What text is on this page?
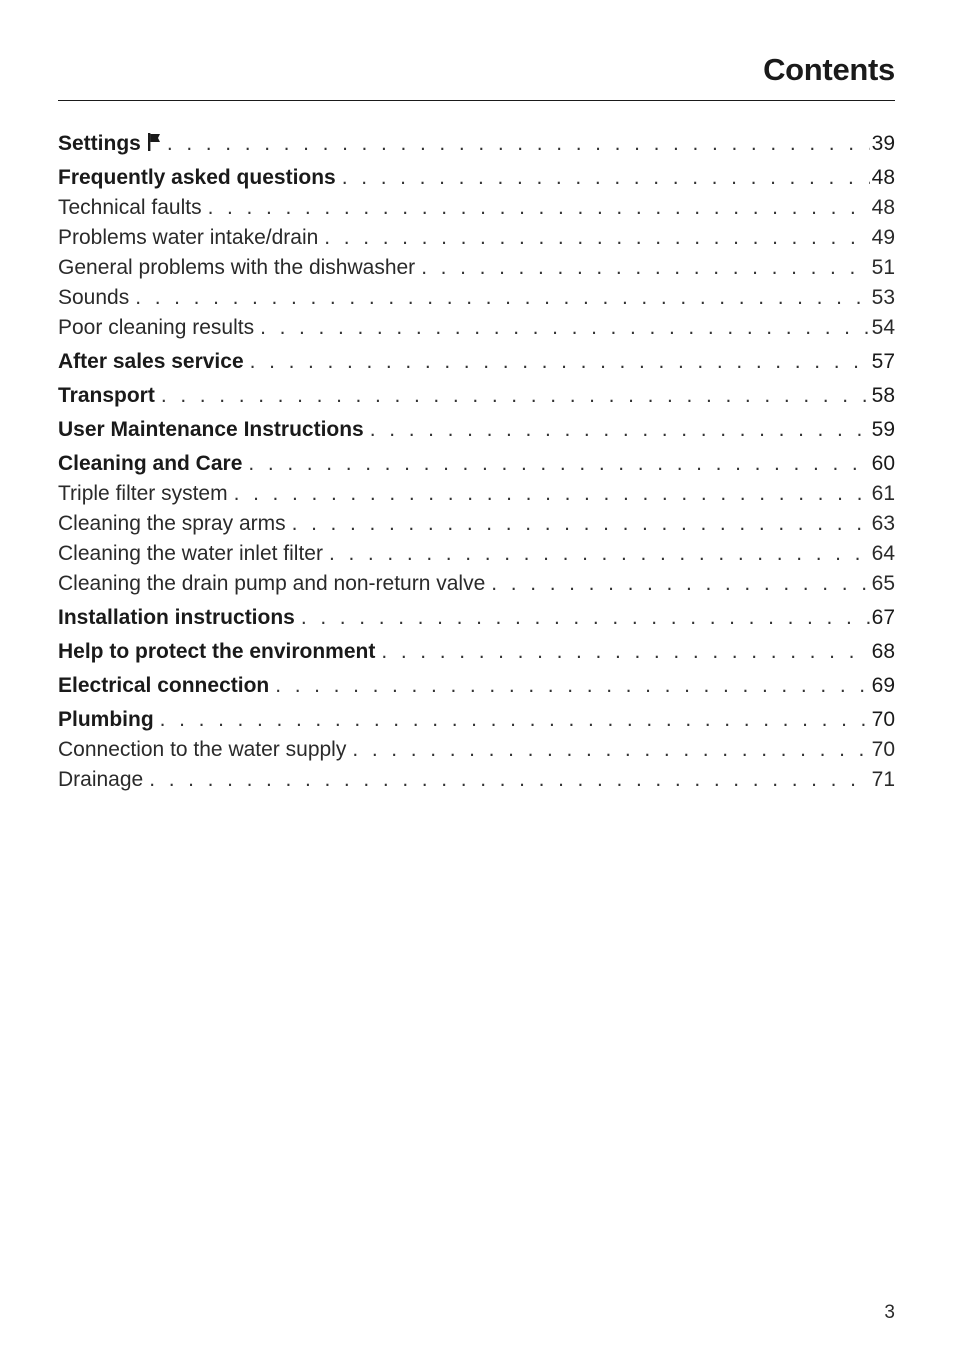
Contents
Settings . . .	39
Frequently asked questions . . .	48
Technical faults . . .	48
Problems water intake/drain . . .	49
General problems with the dishwasher . . .	51
Sounds . . .	53
Poor cleaning results . . .	54
After sales service . . .	57
Transport . . .	58
User Maintenance Instructions . . .	59
Cleaning and Care . . .	60
Triple filter system . . .	61
Cleaning the spray arms . . .	63
Cleaning the water inlet filter . . .	64
Cleaning the drain pump and non-return valve . . .	65
Installation instructions . . .	67
Help to protect the environment . . .	68
Electrical connection . . .	69
Plumbing . . .	70
Connection to the water supply . . .	70
Drainage . . .	71
3
